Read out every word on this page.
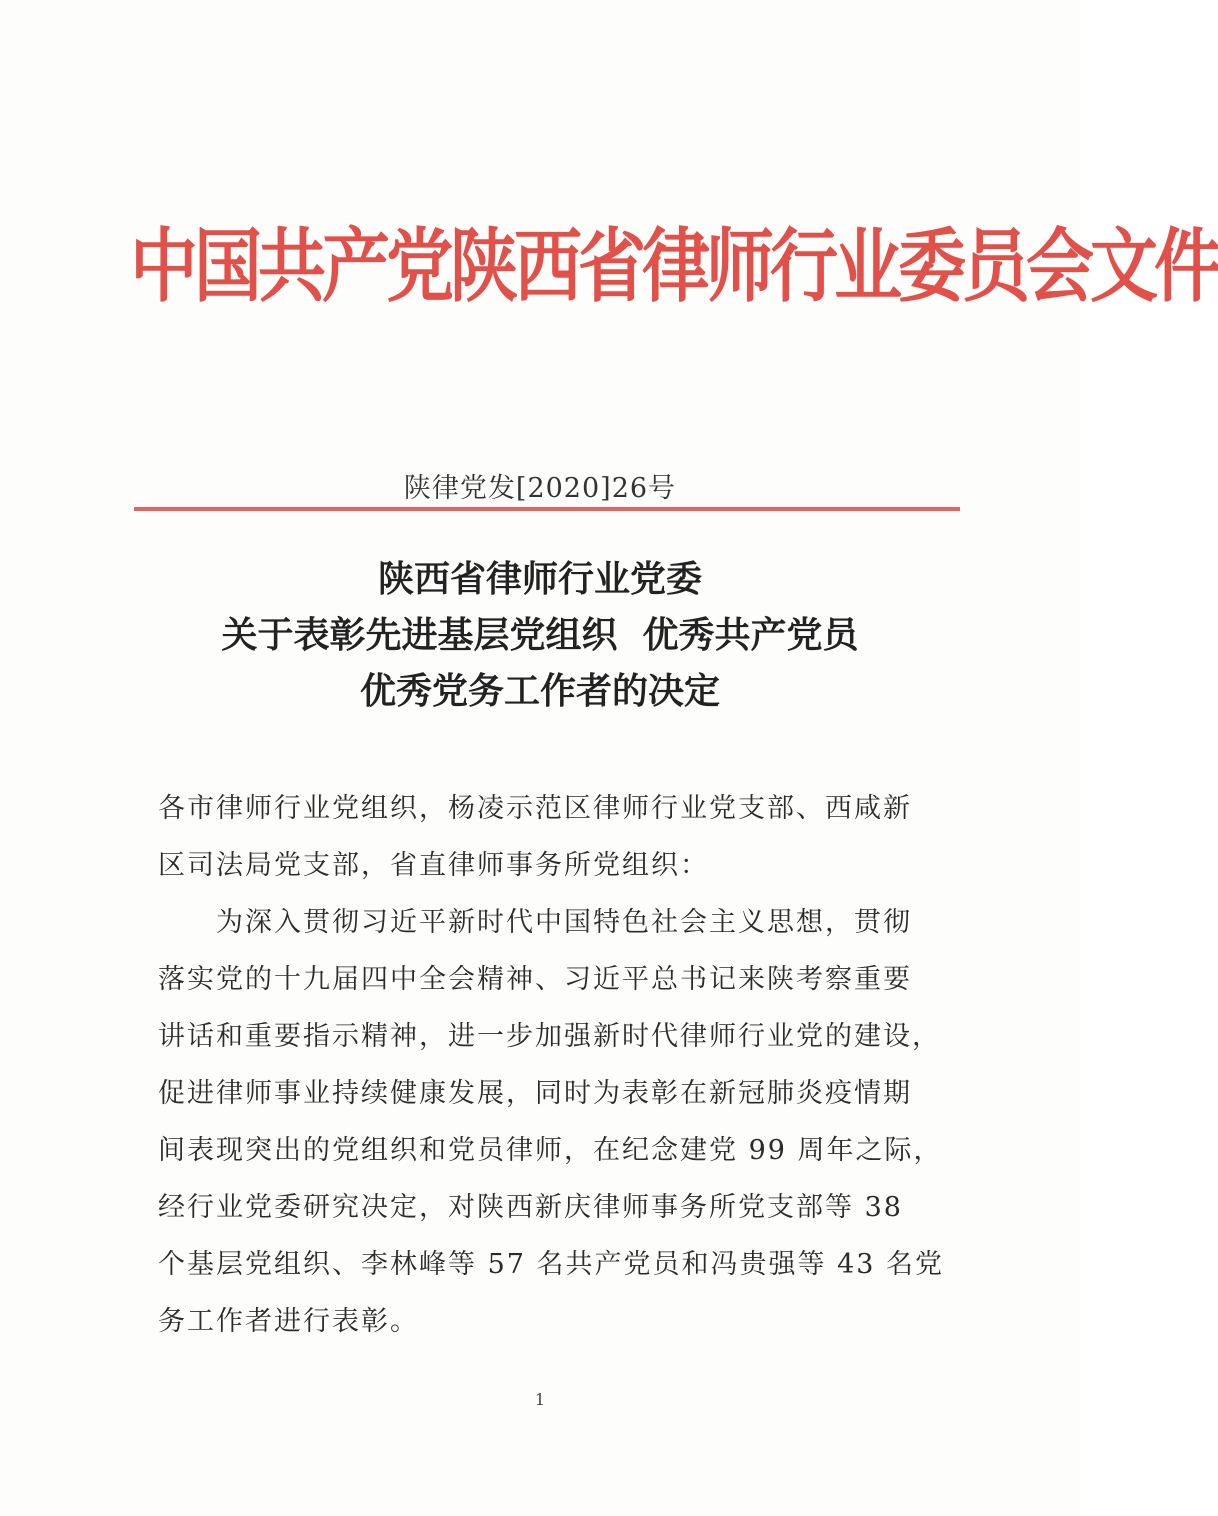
中国共产党陕西省律师行业委员会文件
陕律党发[2020]26号
陕西省律师行业党委
关于表彰先进基层党组织  优秀共产党员
优秀党务工作者的决定
各市律师行业党组织，杨凌示范区律师行业党支部、西咸新
区司法局党支部，省直律师事务所党组织：
　　为深入贯彻习近平新时代中国特色社会主义思想，贯彻
落实党的十九届四中全会精神、习近平总书记来陕考察重要
讲话和重要指示精神，进一步加强新时代律师行业党的建设，
促进律师事业持续健康发展，同时为表彰在新冠肺炎疫情期
间表现突出的党组织和党员律师，在纪念建党 99 周年之际，
经行业党委研究决定，对陕西新庆律师事务所党支部等 38
个基层党组织、李林峰等 57 名共产党员和冯贵强等 43 名党
务工作者进行表彰。
1
